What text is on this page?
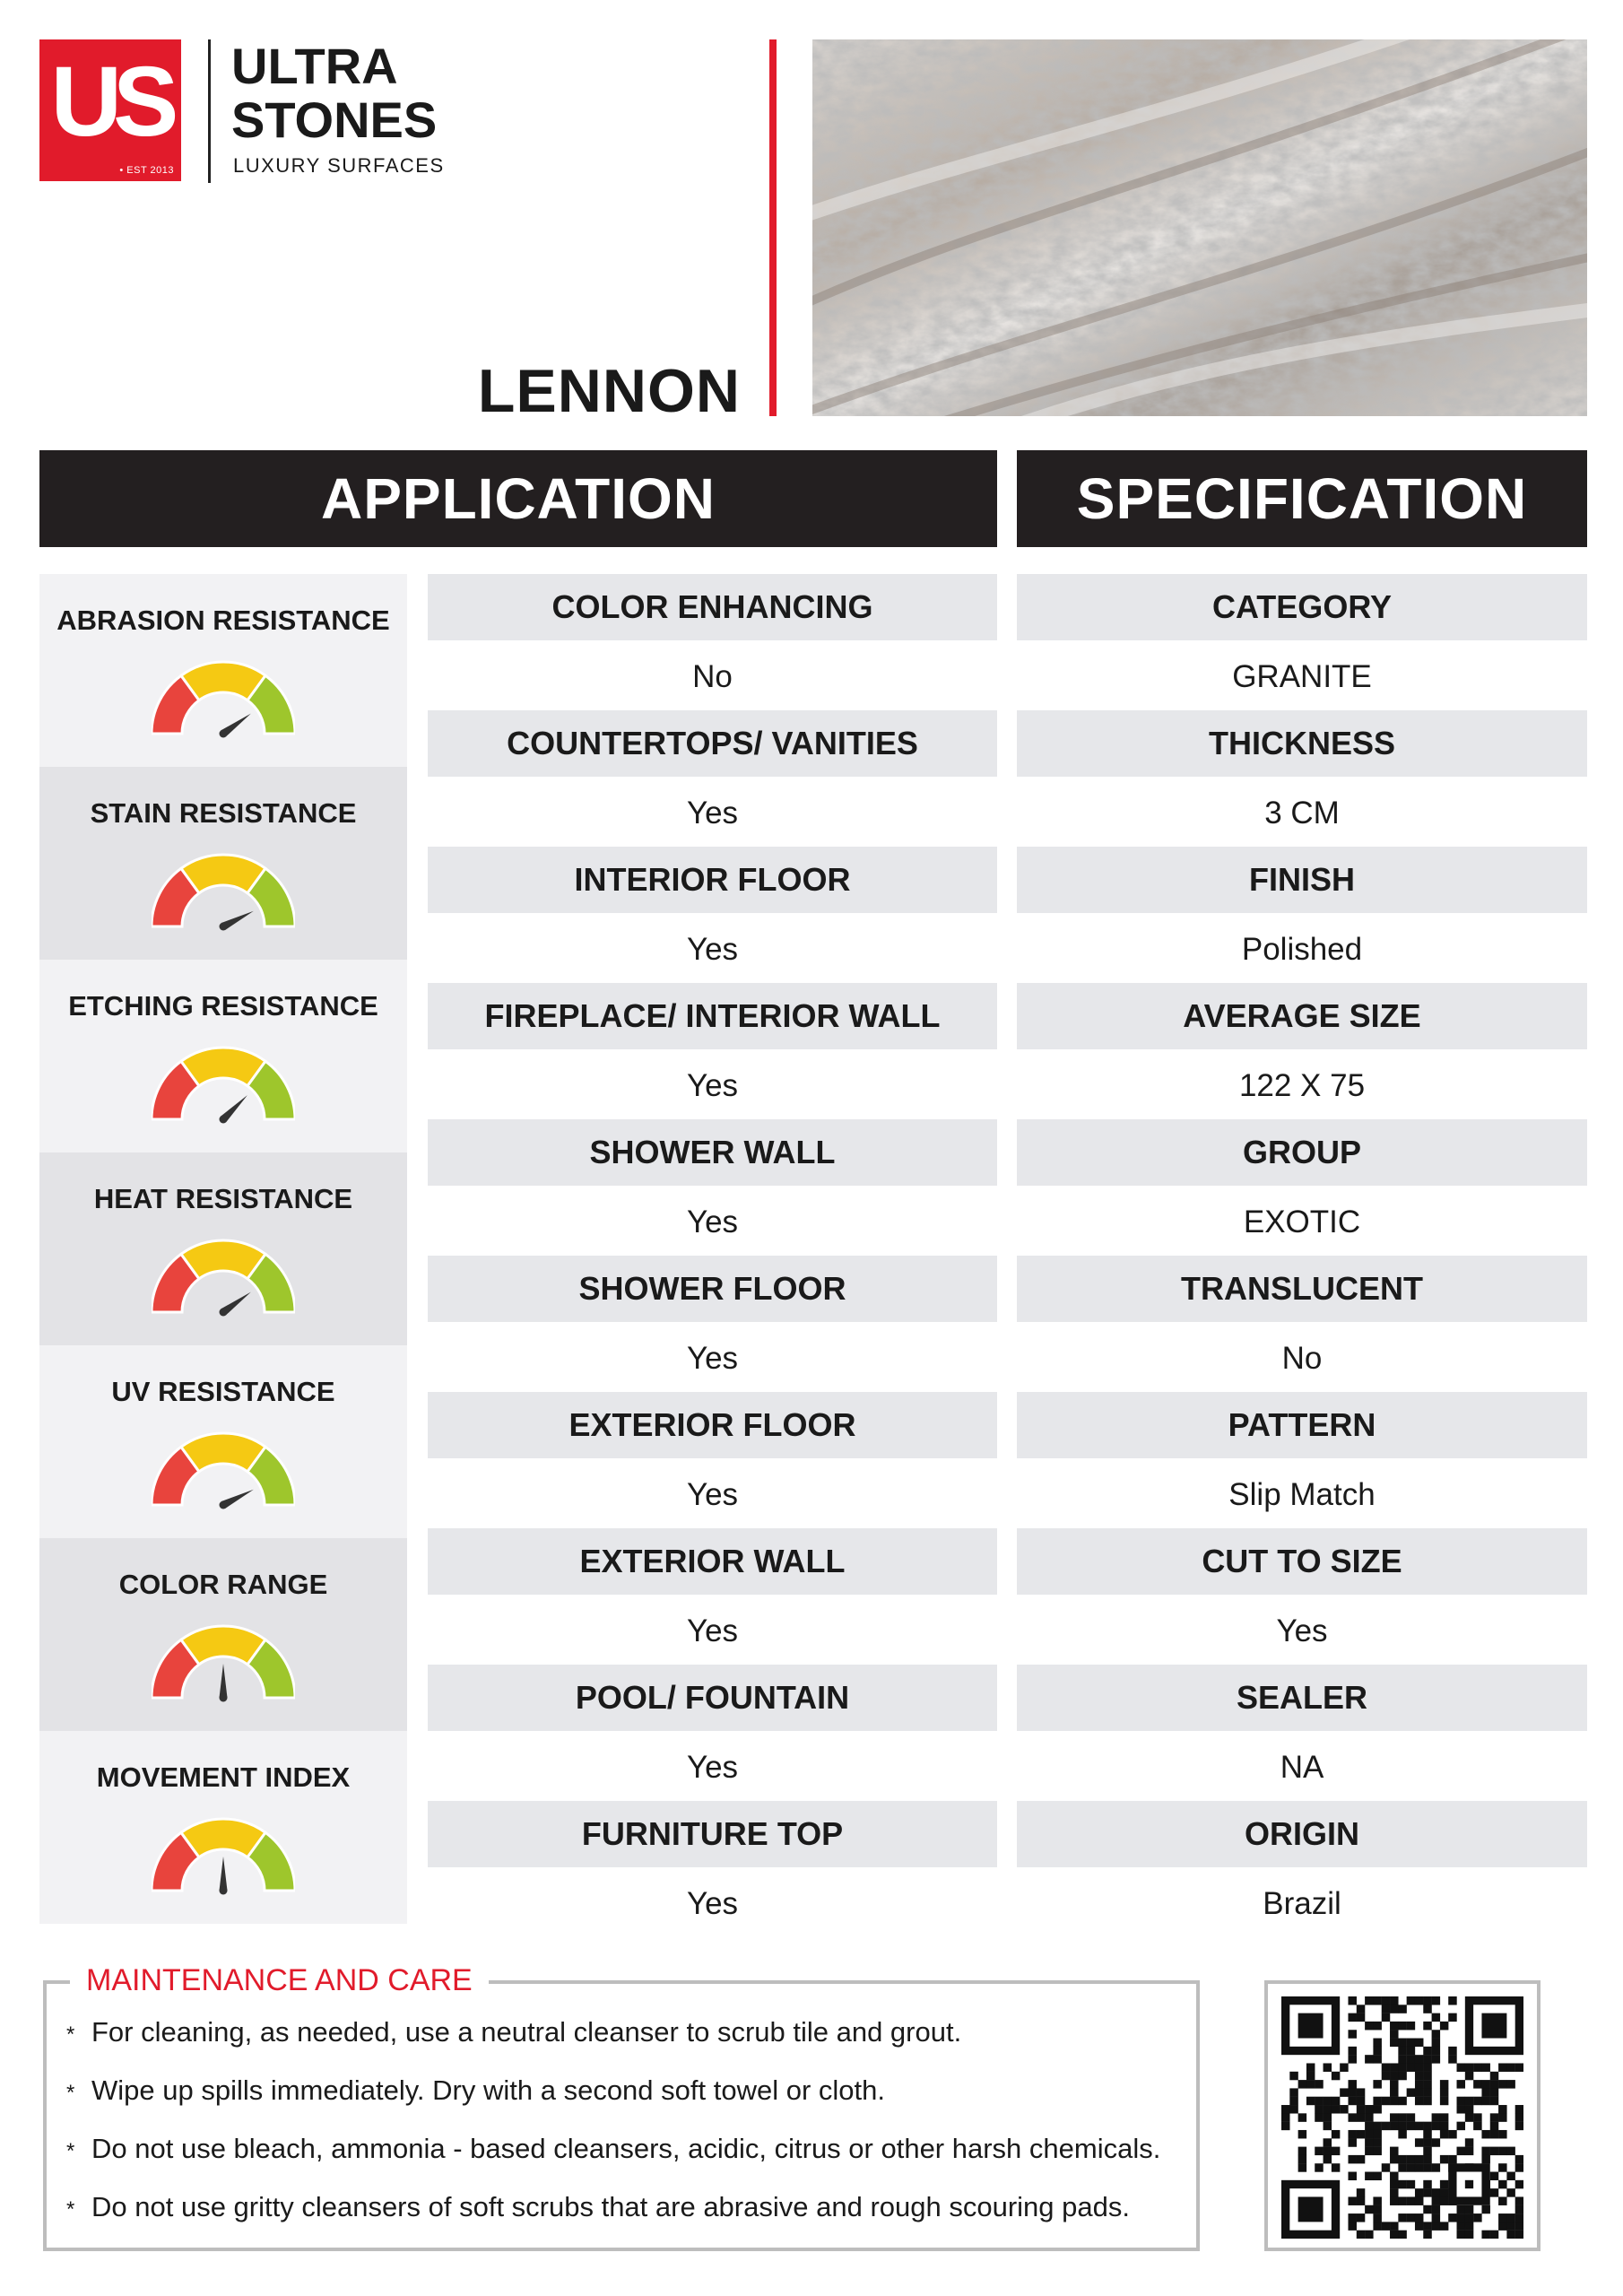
US
• EST 2013
ULTRA
STONES
LUXURY SURFACES
LENNON
APPLICATION	SPECIFICATION
ABRASION RESISTANCE
STAIN RESISTANCE
ETCHING RESISTANCE
HEAT RESISTANCE
UV RESISTANCE
COLOR RANGE
MOVEMENT INDEX
COLOR ENHANCING
No
COUNTERTOPS/ VANITIES
Yes
INTERIOR FLOOR
Yes
FIREPLACE/ INTERIOR WALL
Yes
SHOWER WALL
Yes
SHOWER FLOOR
Yes
EXTERIOR FLOOR
Yes
EXTERIOR WALL
Yes
POOL/ FOUNTAIN
Yes
FURNITURE TOP
Yes
CATEGORY
GRANITE
THICKNESS
3 CM
FINISH
Polished
AVERAGE SIZE
122 X 75
GROUP
EXOTIC
TRANSLUCENT
No
PATTERN
Slip Match
CUT TO SIZE
Yes
SEALER
NA
ORIGIN
Brazil
MAINTENANCE AND CARE
* For cleaning, as needed, use a neutral cleanser to scrub tile and grout.
* Wipe up spills immediately. Dry with a second soft towel or cloth.
* Do not use bleach, ammonia - based cleansers, acidic, citrus or other harsh chemicals.
* Do not use gritty cleansers of soft scrubs that are abrasive and rough scouring pads.
